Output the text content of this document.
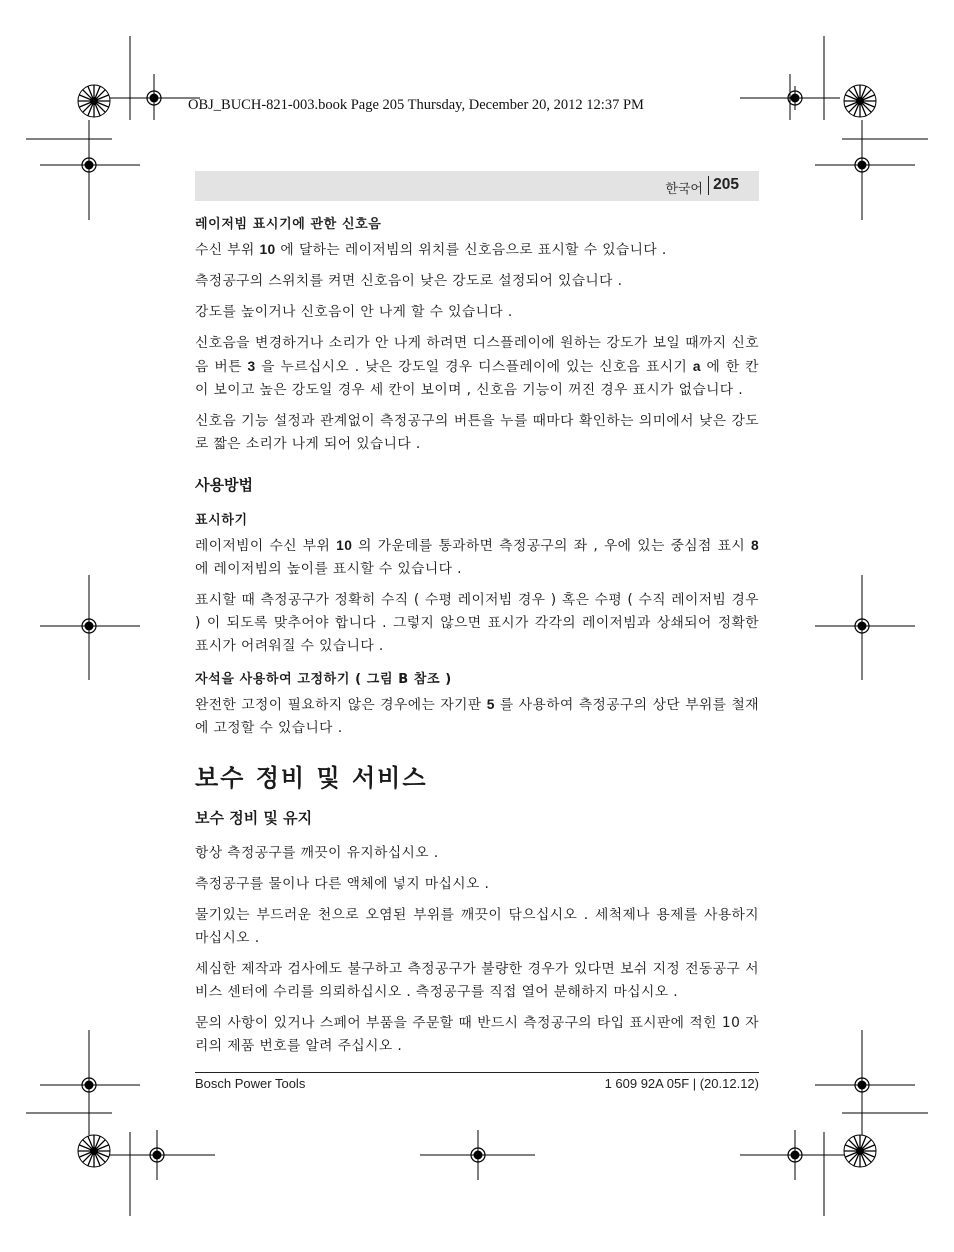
OBJ_BUCH-821-003.book Page 205 Thursday, December 20, 2012 12:37 PM
한국어 205
레이저빔 표시기에 관한 신호음

수신 부위 10 에 달하는 레이저빔의 위치를 신호음으로 표시할 수 있습니다 .

측정공구의 스위치를 켜면 신호음이 낮은 강도로 설정되어 있습니다 .

강도를 높이거나 신호음이 안 나게 할 수 있습니다 .

신호음을 변경하거나 소리가 안 나게 하려면 디스플레이에 원하는 강도가 보일 때까지 신호음 버튼 3 을 누르십시오 . 낮은 강도일 경우 디스플레이에 있는 신호음 표시기 a 에 한 칸이 보이고 높은 강도일 경우 세 칸이 보이며 , 신호음 기능이 꺼진 경우 표시가 없습니다 .

신호음 기능 설정과 관계없이 측정공구의 버튼을 누를 때마다 확인하는 의미에서 낮은 강도로 짧은 소리가 나게 되어 있습니다 .

사용방법
표시하기

레이저빔이 수신 부위 10 의 가운데를 통과하면 측정공구의 좌 , 우에 있는 중심점 표시 8 에 레이저빔의 높이를 표시할 수 있습니다 .

표시할 때 측정공구가 정확히 수직 ( 수평 레이저빔 경우 ) 혹은 수평 ( 수직 레이저빔 경우 ) 이 되도록 맞추어야 합니다 . 그렇지 않으면 표시가 각각의 레이저빔과 상쇄되어 정확한 표시가 어려워질 수 있습니다 .

자석을 사용하여 고정하기 ( 그림 B 참조 )

완전한 고정이 필요하지 않은 경우에는 자기판 5 를 사용하여 측정공구의 상단 부위를 철재에 고정할 수 있습니다 .

보수 정비 및 서비스
보수 정비 및 유지

항상 측정공구를 깨끗이 유지하십시오 .

측정공구를 물이나 다른 액체에 넣지 마십시오 .

물기있는 부드러운 천으로 오염된 부위를 깨끗이 닦으십시오 . 세척제나 용제를 사용하지 마십시오 .

세심한 제작과 검사에도 불구하고 측정공구가 불량한 경우가 있다면 보쉬 지정 전동공구 서비스 센터에 수리를 의뢰하십시오 . 측정공구를 직접 열어 분해하지 마십시오 .

문의 사항이 있거나 스페어 부품을 주문할 때 반드시 측정공구의 타입 표시판에 적힌 10 자리의 제품 번호를 알려 주십시오 .

Bosch Power Tools	1 609 92A 05F | (20.12.12)
